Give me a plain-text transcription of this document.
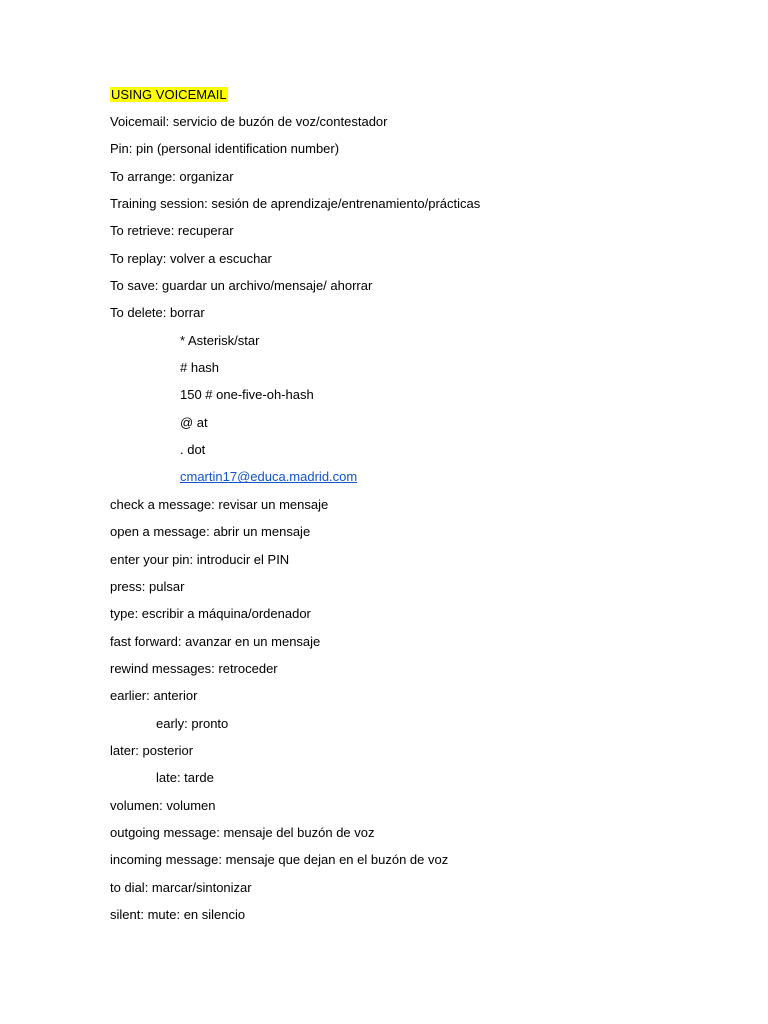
USING VOICEMAIL
Voicemail: servicio de buzón de voz/contestador
Pin: pin (personal identification number)
To arrange: organizar
Training session: sesión de aprendizaje/entrenamiento/prácticas
To retrieve: recuperar
To replay: volver a escuchar
To save: guardar un archivo/mensaje/ ahorrar
To delete: borrar
* Asterisk/star
# hash
150 # one-five-oh-hash
@ at
. dot
cmartin17@educa.madrid.com
check a message: revisar un mensaje
open a message: abrir un mensaje
enter your pin: introducir el PIN
press: pulsar
type: escribir a máquina/ordenador
fast forward: avanzar en un mensaje
rewind messages: retroceder
earlier: anterior
early: pronto
later: posterior
late: tarde
volumen: volumen
outgoing message: mensaje del buzón de voz
incoming message: mensaje que dejan en el buzón de voz
to dial: marcar/sintonizar
silent: mute: en silencio
